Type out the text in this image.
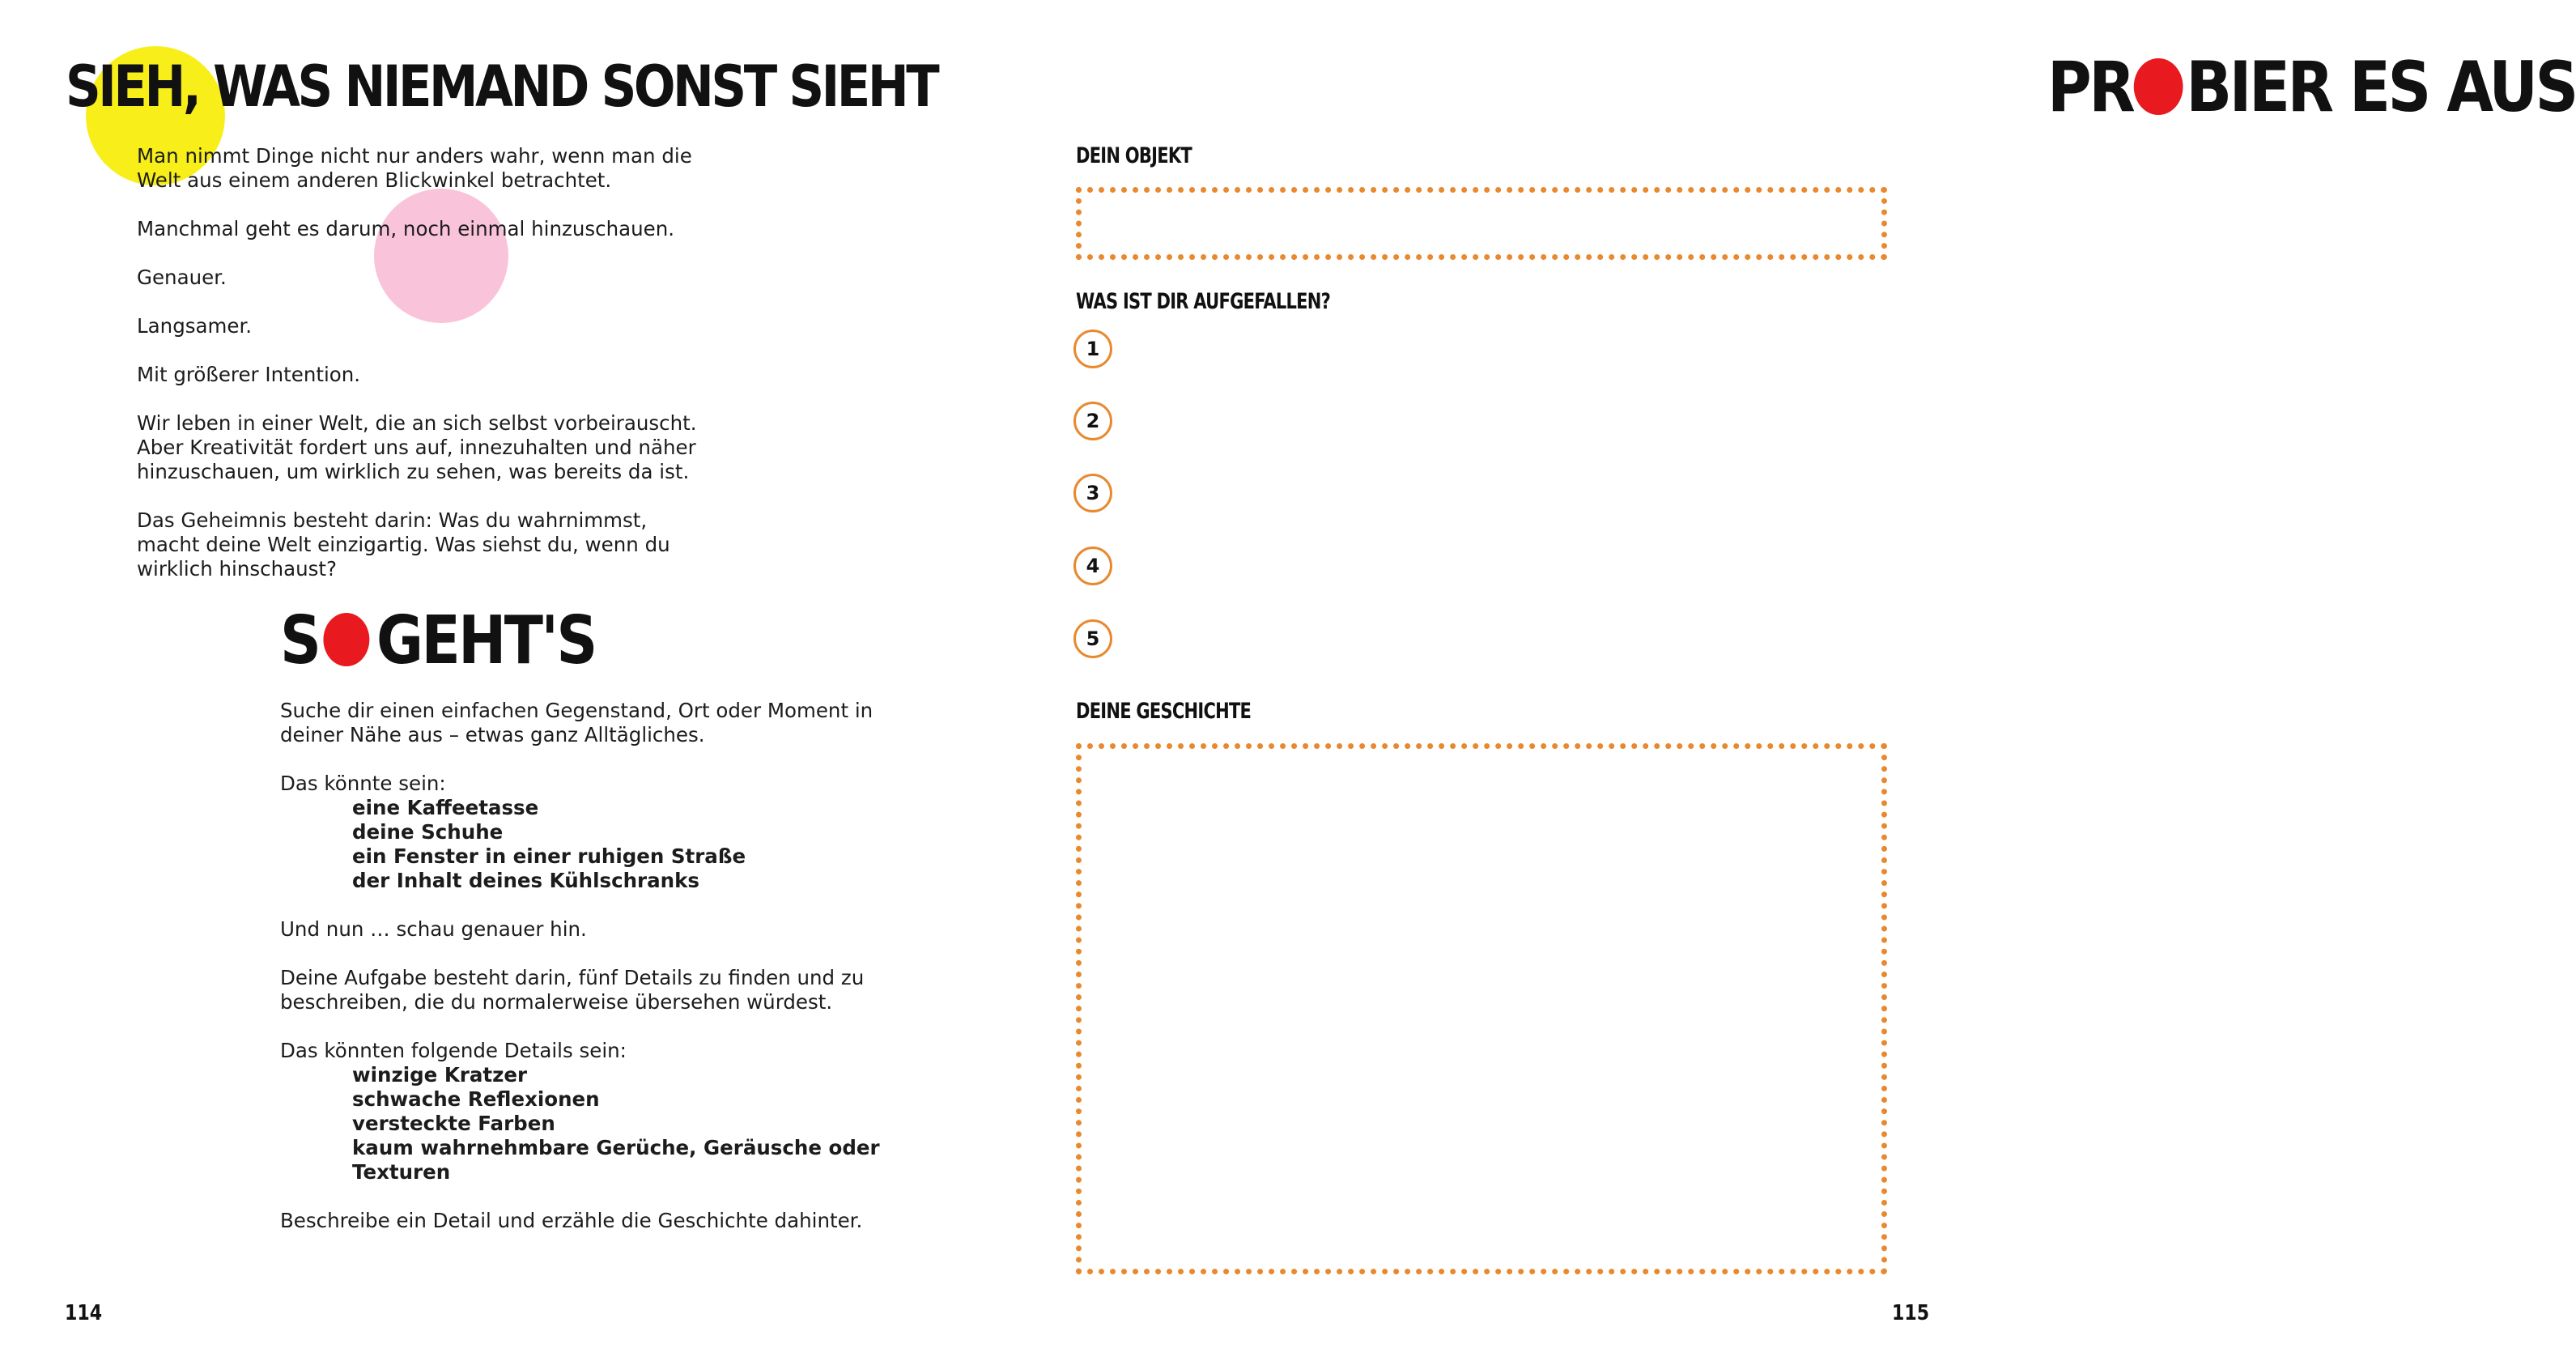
SIEH, WAS NIEMAND SONST SIEHT

Man nimmt Dinge nicht nur anders wahr, wenn man die
Welt aus einem anderen Blickwinkel betrachtet.

Manchmal geht es darum, noch einmal hinzuschauen.

Genauer.

Langsamer.

Mit größerer Intention.

Wir leben in einer Welt, die an sich selbst vorbeirauscht.
Aber Kreativität fordert uns auf, innezuhalten und näher
hinzuschauen, um wirklich zu sehen, was bereits da ist.

Das Geheimnis besteht darin: Was du wahrnimmst,
macht deine Welt einzigartig. Was siehst du, wenn du
wirklich hinschaust?

S GEHT'S

Suche dir einen einfachen Gegenstand, Ort oder Moment in
deiner Nähe aus – etwas ganz Alltägliches.

Das könnte sein:

eine Kaffeetasse
deine Schuhe
ein Fenster in einer ruhigen Straße
der Inhalt deines Kühlschranks

Und nun … schau genauer hin.

Deine Aufgabe besteht darin, fünf Details zu finden und zu
beschreiben, die du normalerweise übersehen würdest.

Das könnten folgende Details sein:

winzige Kratzer
schwache Reflexionen
versteckte Farben
kaum wahrnehmbare Gerüche, Geräusche oder
Texturen

Beschreibe ein Detail und erzähle die Geschichte dahinter.

114
PR BIER ES AUS
DEIN OBJEKT
WAS IST DIR AUFGEFALLEN?
1
2
3
4
5
DEINE GESCHICHTE
115
